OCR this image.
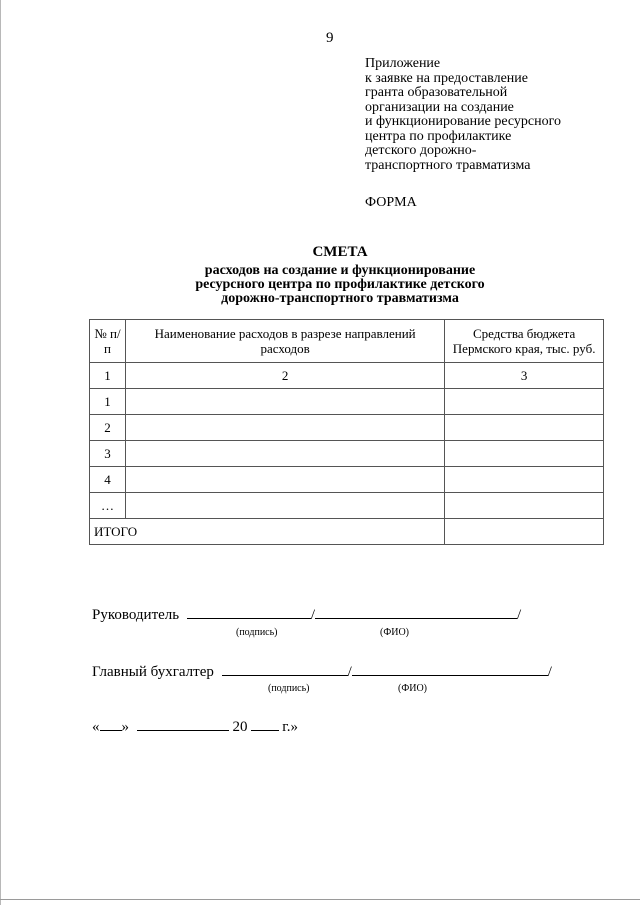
9
Приложение
к заявке на предоставление
гранта образовательной
организации на создание
и функционирование ресурсного
центра по профилактике
детского дорожно-
транспортного травматизма
ФОРМА
СМЕТА
расходов на создание и функционирование
ресурсного центра по профилактике детского
дорожно-транспортного травматизма
№ п/п	Наименование расходов в разрезе направлений расходов	Средства бюджета Пермского края, тыс. руб.
1	2	3
1		
2		
3		
4		
…		
ИТОГО		
Руководитель	/	/
(подпись)	(ФИО)
Главный бухгалтер	/	/
(подпись)	(ФИО)
« »	20 г.»
